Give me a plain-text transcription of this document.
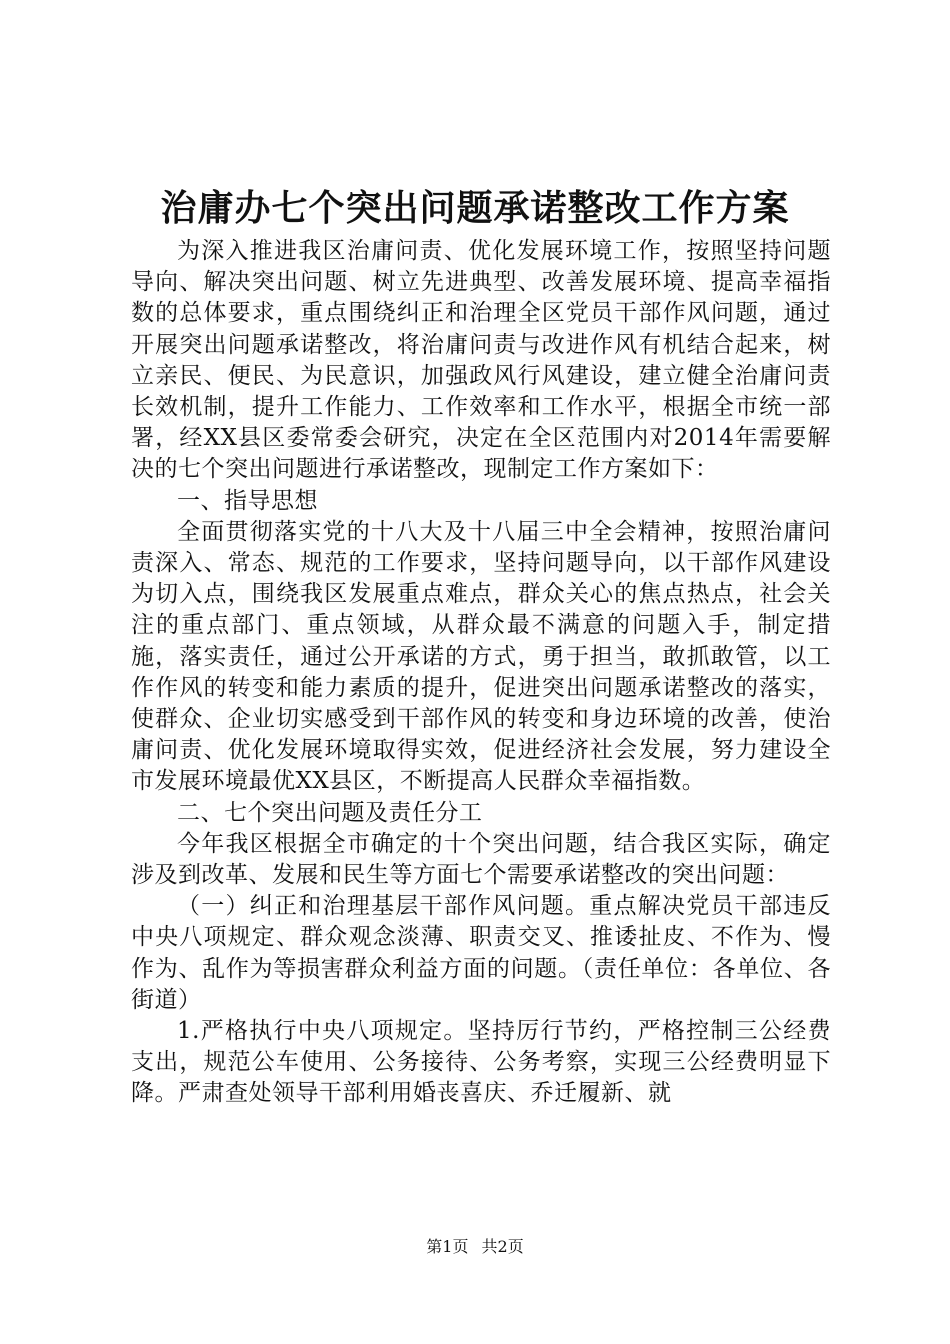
治庸办七个突出问题承诺整改工作方案

为深入推进我区治庸问责、优化发展环境工作，按照坚持问题导向、解决突出问题、树立先进典型、改善发展环境、提高幸福指数的总体要求，重点围绕纠正和治理全区党员干部作风问题，通过开展突出问题承诺整改，将治庸问责与改进作风有机结合起来，树立亲民、便民、为民意识，加强政风行风建设，建立健全治庸问责长效机制，提升工作能力、工作效率和工作水平，根据全市统一部署，经XX县区委常委会研究，决定在全区范围内对2014年需要解决的七个突出问题进行承诺整改，现制定工作方案如下：

一、指导思想

全面贯彻落实党的十八大及十八届三中全会精神，按照治庸问责深入、常态、规范的工作要求，坚持问题导向，以干部作风建设为切入点，围绕我区发展重点难点，群众关心的焦点热点，社会关注的重点部门、重点领域，从群众最不满意的问题入手，制定措施，落实责任，通过公开承诺的方式，勇于担当，敢抓敢管，以工作作风的转变和能力素质的提升，促进突出问题承诺整改的落实，使群众、企业切实感受到干部作风的转变和身边环境的改善，使治庸问责、优化发展环境取得实效，促进经济社会发展，努力建设全市发展环境最优XX县区，不断提高人民群众幸福指数。

二、七个突出问题及责任分工

今年我区根据全市确定的十个突出问题，结合我区实际，确定涉及到改革、发展和民生等方面七个需要承诺整改的突出问题：

（一）纠正和治理基层干部作风问题。重点解决党员干部违反中央八项规定、群众观念淡薄、职责交叉、推诿扯皮、不作为、慢作为、乱作为等损害群众利益方面的问题。（责任单位：各单位、各街道）

1.严格执行中央八项规定。坚持厉行节约，严格控制三公经费支出，规范公车使用、公务接待、公务考察，实现三公经费明显下降。严肃查处领导干部利用婚丧喜庆、乔迁履新、就

第1页 共2页
